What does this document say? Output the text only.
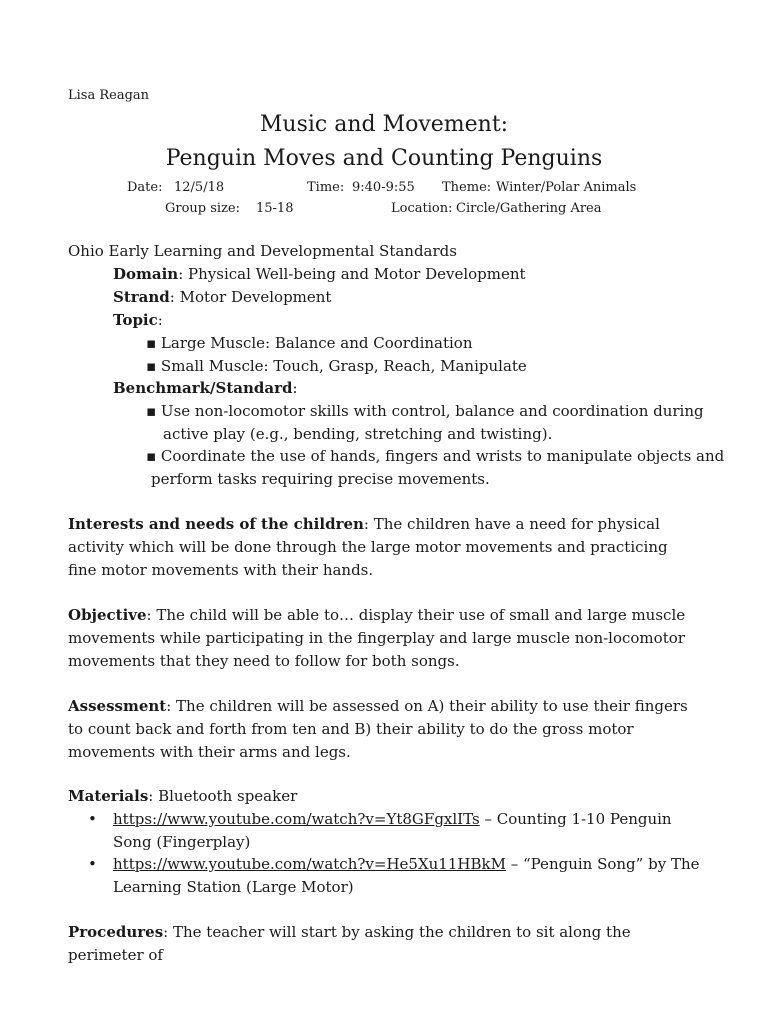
Lisa Reagan
Music and Movement:
Penguin Moves and Counting Penguins
Date: 12/5/18	Time: 9:40-9:55 Theme: Winter/Polar Animals
Group size: 15-18	Location: Circle/Gathering Area
Ohio Early Learning and Developmental Standards
Domain: Physical Well-being and Motor Development
Strand: Motor Development
Topic:
▪ Large Muscle: Balance and Coordination
▪ Small Muscle: Touch, Grasp, Reach, Manipulate
Benchmark/Standard:
▪ Use non-locomotor skills with control, balance and coordination during
active play (e.g., bending, stretching and twisting).
▪ Coordinate the use of hands, fingers and wrists to manipulate objects and
perform tasks requiring precise movements.
Interests and needs of the children: The children have a need for physical activity which will be done through the large motor movements and practicing fine motor movements with their hands.
Objective: The child will be able to… display their use of small and large muscle movements while participating in the fingerplay and large muscle non-locomotor movements that they need to follow for both songs.
Assessment: The children will be assessed on A) their ability to use their fingers to count back and forth from ten and B) their ability to do the gross motor movements with their arms and legs.
Materials: Bluetooth speaker
• https://www.youtube.com/watch?v=Yt8GFgxlITs – Counting 1-10 Penguin Song (Fingerplay)
• https://www.youtube.com/watch?v=He5Xu11HBkM – “Penguin Song” by The Learning Station (Large Motor)
Procedures: The teacher will start by asking the children to sit along the perimeter of
